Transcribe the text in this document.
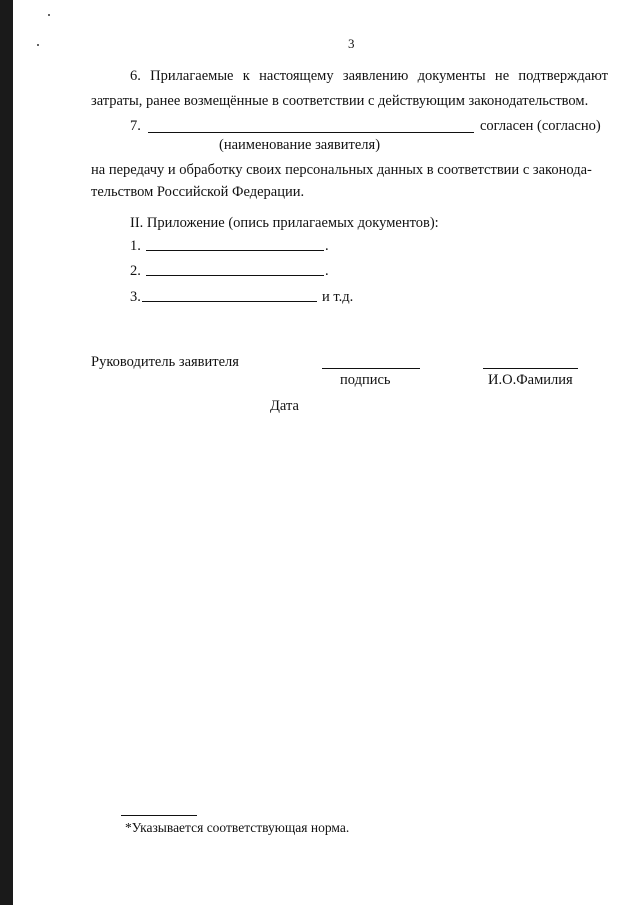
3
6. Прилагаемые к настоящему заявлению документы не подтверждают
затраты, ранее возмещённые в соответствии с действующим законодательством.
7.	согласен (согласно)
(наименование заявителя)
на передачу и обработку своих персональных данных в соответствии с законода-
тельством Российской Федерации.
II. Приложение (опись прилагаемых документов):
1.	.
2.	.
3.	и т.д.
Руководитель заявителя
подпись	И.О.Фамилия
Дата
*Указывается соответствующая норма.
